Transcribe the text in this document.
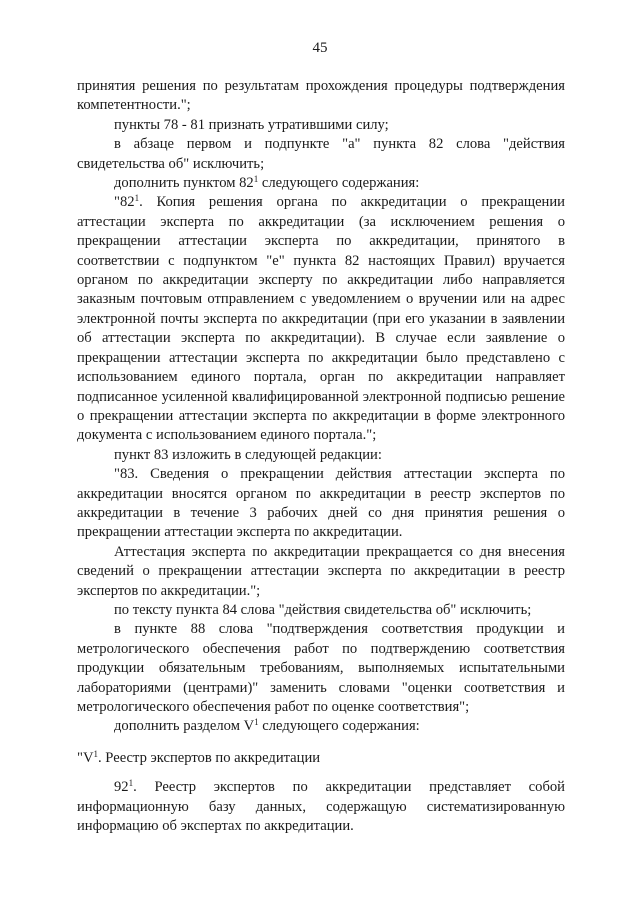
45

принятия решения по результатам прохождения процедуры подтверждения компетентности.";

пункты 78 - 81 признать утратившими силу;

в абзаце первом и подпункте "а" пункта 82 слова "действия свидетельства об" исключить;

дополнить пунктом $82^1$ следующего содержания:

"$82^1$. Копия решения органа по аккредитации о прекращении аттестации эксперта по аккредитации (за исключением решения о прекращении аттестации эксперта по аккредитации, принятого в соответствии с подпунктом "е" пункта 82 настоящих Правил) вручается органом по аккредитации эксперту по аккредитации либо направляется заказным почтовым отправлением с уведомлением о вручении или на адрес электронной почты эксперта по аккредитации (при его указании в заявлении об аттестации эксперта по аккредитации). В случае если заявление о прекращении аттестации эксперта по аккредитации было представлено с использованием единого портала, орган по аккредитации направляет подписанное усиленной квалифицированной электронной подписью решение о прекращении аттестации эксперта по аккредитации в форме электронного документа с использованием единого портала.";

пункт 83 изложить в следующей редакции:

"83. Сведения о прекращении действия аттестации эксперта по аккредитации вносятся органом по аккредитации в реестр экспертов по аккредитации в течение 3 рабочих дней со дня принятия решения о прекращении аттестации эксперта по аккредитации.

Аттестация эксперта по аккредитации прекращается со дня внесения сведений о прекращении аттестации эксперта по аккредитации в реестр экспертов по аккредитации.";

по тексту пункта 84 слова "действия свидетельства об" исключить;

в пункте 88 слова "подтверждения соответствия продукции и метрологического обеспечения работ по подтверждению соответствия продукции обязательным требованиям, выполняемых испытательными лабораториями (центрами)" заменить словами "оценки соответствия и метрологического обеспечения работ по оценке соответствия";

дополнить разделом $V^1$ следующего содержания:

"$V^1$. Реестр экспертов по аккредитации

$92^1$. Реестр экспертов по аккредитации представляет собой информационную базу данных, содержащую систематизированную информацию об экспертах по аккредитации.
